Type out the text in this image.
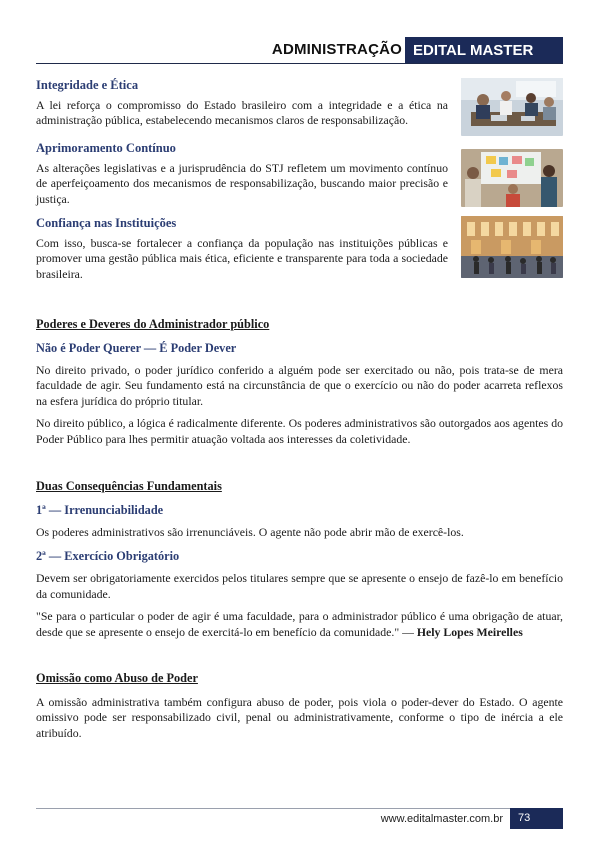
ADMINISTRAÇÃO EDITAL MASTER
Integridade e Ética

A lei reforça o compromisso do Estado brasileiro com a integridade e a ética na administração pública, estabelecendo mecanismos claros de responsabilização.

Aprimoramento Contínuo

As alterações legislativas e a jurisprudência do STJ refletem um movimento contínuo de aperfeiçoamento dos mecanismos de responsabilização, buscando maior precisão e justiça.

Confiança nas Instituições

Com isso, busca-se fortalecer a confiança da população nas instituições públicas e promover uma gestão pública mais ética, eficiente e transparente para toda a sociedade brasileira.

Poderes e Deveres do Administrador público
Não é Poder Querer — É Poder Dever

No direito privado, o poder jurídico conferido a alguém pode ser exercitado ou não, pois trata-se de mera faculdade de agir. Seu fundamento está na circunstância de que o exercício ou não do poder acarreta reflexos na esfera jurídica do próprio titular.

No direito público, a lógica é radicalmente diferente. Os poderes administrativos são outorgados aos agentes do Poder Público para lhes permitir atuação voltada aos interesses da coletividade.

Duas Consequências Fundamentais
1ª — Irrenunciabilidade

Os poderes administrativos são irrenunciáveis. O agente não pode abrir mão de exercê-los.

2ª — Exercício Obrigatório

Devem ser obrigatoriamente exercidos pelos titulares sempre que se apresente o ensejo de fazê-lo em benefício da comunidade.

"Se para o particular o poder de agir é uma faculdade, para o administrador público é uma obrigação de atuar, desde que se apresente o ensejo de exercitá-lo em benefício da comunidade." — Hely Lopes Meirelles

Omissão como Abuso de Poder

A omissão administrativa também configura abuso de poder, pois viola o poder-dever do Estado. O agente omissivo pode ser responsabilizado civil, penal ou administrativamente, conforme o tipo de inércia a ele atribuído.

www.editalmaster.com.br	73
